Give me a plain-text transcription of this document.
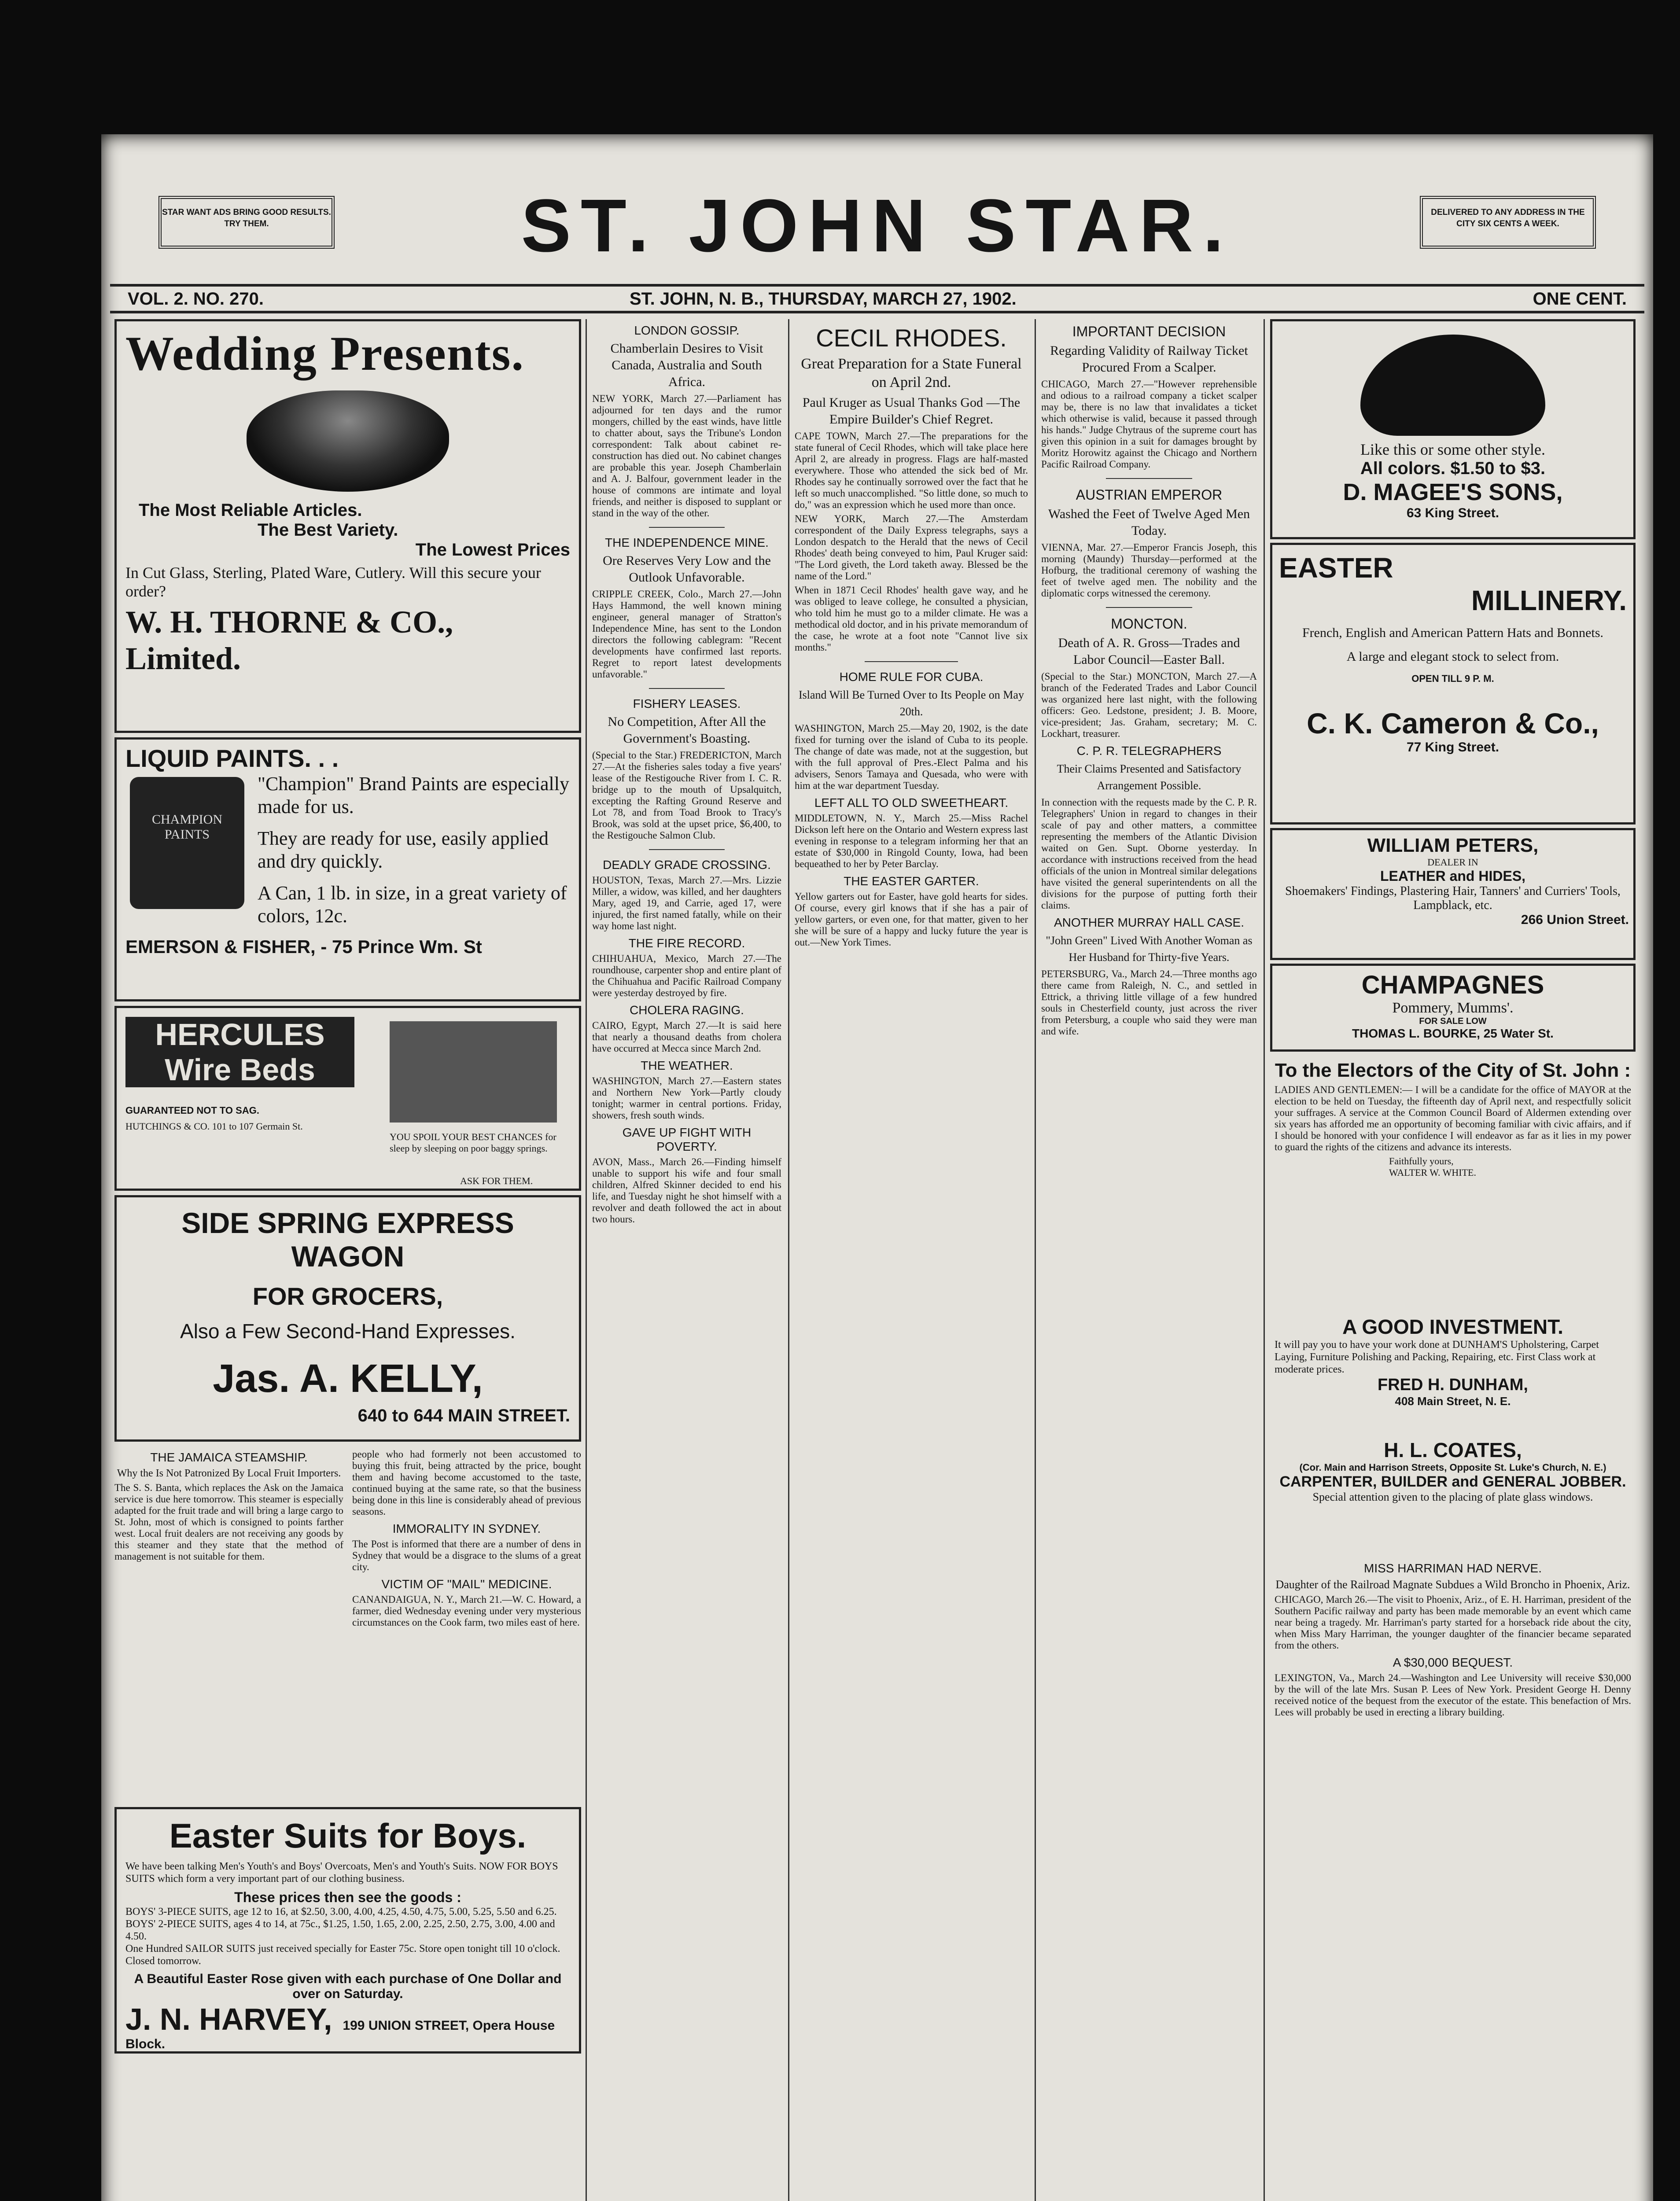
STAR WANT ADS BRING GOOD RESULTS. TRY THEM.	ST. JOHN STAR.	DELIVERED TO ANY ADDRESS IN THE CITY SIX CENTS A WEEK.
VOL. 2. NO. 270.	ST. JOHN, N. B., THURSDAY, MARCH 27, 1902.	ONE CENT.
Wedding Presents.
The Most Reliable Articles.
The Best Variety.
The Lowest Prices
In Cut Glass, Sterling, Plated Ware, Cutlery. Will this secure your order?
W. H. THORNE & CO., Limited.
LIQUID PAINTS. . .
CHAMPION PAINTS
"Champion" Brand Paints are especially made for us.
They are ready for use, easily applied and dry quickly.
A Can, 1 lb. in size, in a great variety of colors, 12c.
EMERSON & FISHER, - 75 Prince Wm. St
HERCULES Wire Beds
GUARANTEED NOT TO SAG.
HUTCHINGS & CO. 101 to 107 Germain St.
YOU SPOIL YOUR BEST CHANCES for sleep by sleeping on poor baggy springs.
ASK FOR THEM.
SIDE SPRING EXPRESS WAGON
FOR GROCERS,
Also a Few Second-Hand Expresses.
Jas. A. KELLY,
640 to 644 MAIN STREET.
THE JAMAICA STEAMSHIP.
Why the Is Not Patronized By Local Fruit Importers.
The S. S. Banta, which replaces the Ask on the Jamaica service is due here tomorrow. This steamer is especially adapted for the fruit trade and will bring a large cargo to St. John, most of which is consigned to points farther west. Local fruit dealers are not receiving any goods by this steamer and they state that the method of management is not suitable for them.
people who had formerly not been accustomed to buying this fruit, being attracted by the price, bought them and having become accustomed to the taste, continued buying at the same rate, so that the business being done in this line is considerably ahead of previous seasons.
IMMORALITY IN SYDNEY.
The Post is informed that there are a number of dens in Sydney that would be a disgrace to the slums of a great city.
VICTIM OF "MAIL" MEDICINE.
CANANDAIGUA, N. Y., March 21.—W. C. Howard, a farmer, died Wednesday evening under very mysterious circumstances on the Cook farm, two miles east of here.
Easter Suits for Boys.
We have been talking Men's Youth's and Boys' Overcoats, Men's and Youth's Suits. NOW FOR BOYS SUITS which form a very important part of our clothing business.
These prices then see the goods :
BOYS' 3-PIECE SUITS, age 12 to 16, at $2.50, 3.00, 4.00, 4.25, 4.50, 4.75, 5.00, 5.25, 5.50 and 6.25.
BOYS' 2-PIECE SUITS, ages 4 to 14, at 75c., $1.25, 1.50, 1.65, 2.00, 2.25, 2.50, 2.75, 3.00, 4.00 and 4.50.
One Hundred SAILOR SUITS just received specially for Easter 75c. Store open tonight till 10 o'clock. Closed tomorrow.
A Beautiful Easter Rose given with each purchase of One Dollar and over on Saturday.
J. N. HARVEY, 199 UNION STREET, Opera House Block.
LONDON GOSSIP.
Chamberlain Desires to Visit Canada, Australia and South Africa.
NEW YORK, March 27.—Parliament has adjourned for ten days and the rumor mongers, chilled by the east winds, have little to chatter about, says the Tribune's London correspondent: Talk about cabinet re-construction has died out. No cabinet changes are probable this year. Joseph Chamberlain and A. J. Balfour, government leader in the house of commons are intimate and loyal friends, and neither is disposed to supplant or stand in the way of the other.
THE INDEPENDENCE MINE.
Ore Reserves Very Low and the Outlook Unfavorable.
CRIPPLE CREEK, Colo., March 27.—John Hays Hammond, the well known mining engineer, general manager of Stratton's Independence Mine, has sent to the London directors the following cablegram: "Recent developments have confirmed last reports. Regret to report latest developments unfavorable."
FISHERY LEASES.
No Competition, After All the Government's Boasting.
(Special to the Star.) FREDERICTON, March 27.—At the fisheries sales today a five years' lease of the Restigouche River from I. C. R. bridge up to the mouth of Upsalquitch, excepting the Rafting Ground Reserve and Lot 78, and from Toad Brook to Tracy's Brook, was sold at the upset price, $6,400, to the Restigouche Salmon Club.
DEADLY GRADE CROSSING.
HOUSTON, Texas, March 27.—Mrs. Lizzie Miller, a widow, was killed, and her daughters Mary, aged 19, and Carrie, aged 17, were injured, the first named fatally, while on their way home last night.
THE FIRE RECORD.
CHIHUAHUA, Mexico, March 27.—The roundhouse, carpenter shop and entire plant of the Chihuahua and Pacific Railroad Company were yesterday destroyed by fire.
CHOLERA RAGING.
CAIRO, Egypt, March 27.—It is said here that nearly a thousand deaths from cholera have occurred at Mecca since March 2nd.
THE WEATHER.
WASHINGTON, March 27.—Eastern states and Northern New York—Partly cloudy tonight; warmer in central portions. Friday, showers, fresh south winds.
GAVE UP FIGHT WITH POVERTY.
AVON, Mass., March 26.—Finding himself unable to support his wife and four small children, Alfred Skinner decided to end his life, and Tuesday night he shot himself with a revolver and death followed the act in about two hours.
CECIL RHODES.
Great Preparation for a State Funeral on April 2nd.
Paul Kruger as Usual Thanks God —The Empire Builder's Chief Regret.
CAPE TOWN, March 27.—The preparations for the state funeral of Cecil Rhodes, which will take place here April 2, are already in progress. Flags are half-masted everywhere. Those who attended the sick bed of Mr. Rhodes say he continually sorrowed over the fact that he left so much unaccomplished. "So little done, so much to do," was an expression which he used more than once.
NEW YORK, March 27.—The Amsterdam correspondent of the Daily Express telegraphs, says a London despatch to the Herald that the news of Cecil Rhodes' death being conveyed to him, Paul Kruger said: "The Lord giveth, the Lord taketh away. Blessed be the name of the Lord."
When in 1871 Cecil Rhodes' health gave way, and he was obliged to leave college, he consulted a physician, who told him he must go to a milder climate. He was a methodical old doctor, and in his private memorandum of the case, he wrote at a foot note "Cannot live six months."
HOME RULE FOR CUBA.
Island Will Be Turned Over to Its People on May 20th.
WASHINGTON, March 25.—May 20, 1902, is the date fixed for turning over the island of Cuba to its people. The change of date was made, not at the suggestion, but with the full approval of Pres.-Elect Palma and his advisers, Senors Tamaya and Quesada, who were with him at the war department Tuesday.
LEFT ALL TO OLD SWEETHEART.
MIDDLETOWN, N. Y., March 25.—Miss Rachel Dickson left here on the Ontario and Western express last evening in response to a telegram informing her that an estate of $30,000 in Ringold County, Iowa, had been bequeathed to her by Peter Barclay.
THE EASTER GARTER.
Yellow garters out for Easter, have gold hearts for sides. Of course, every girl knows that if she has a pair of yellow garters, or even one, for that matter, given to her she will be sure of a happy and lucky future the year is out.—New York Times.
IMPORTANT DECISION
Regarding Validity of Railway Ticket Procured From a Scalper.
CHICAGO, March 27.—"However reprehensible and odious to a railroad company a ticket scalper may be, there is no law that invalidates a ticket which otherwise is valid, because it passed through his hands." Judge Chytraus of the supreme court has given this opinion in a suit for damages brought by Moritz Horowitz against the Chicago and Northern Pacific Railroad Company.
AUSTRIAN EMPEROR
Washed the Feet of Twelve Aged Men Today.
VIENNA, Mar. 27.—Emperor Francis Joseph, this morning (Maundy) Thursday—performed at the Hofburg, the traditional ceremony of washing the feet of twelve aged men. The nobility and the diplomatic corps witnessed the ceremony.
MONCTON.
Death of A. R. Gross—Trades and Labor Council—Easter Ball.
(Special to the Star.) MONCTON, March 27.—A branch of the Federated Trades and Labor Council was organized here last night, with the following officers: Geo. Ledstone, president; J. B. Moore, vice-president; Jas. Graham, secretary; M. C. Lockhart, treasurer.
C. P. R. TELEGRAPHERS
Their Claims Presented and Satisfactory Arrangement Possible.
In connection with the requests made by the C. P. R. Telegraphers' Union in regard to changes in their scale of pay and other matters, a committee representing the members of the Atlantic Division waited on Gen. Supt. Oborne yesterday. In accordance with instructions received from the head officials of the union in Montreal similar delegations have visited the general superintendents on all the divisions for the purpose of putting forth their claims.
ANOTHER MURRAY HALL CASE.
"John Green" Lived With Another Woman as Her Husband for Thirty-five Years.
PETERSBURG, Va., March 24.—Three months ago there came from Raleigh, N. C., and settled in Ettrick, a thriving little village of a few hundred souls in Chesterfield county, just across the river from Petersburg, a couple who said they were man and wife.
Like this or some other style.
All colors. $1.50 to $3.
D. MAGEE'S SONS,
63 King Street.
EASTER
MILLINERY.
French, English and American Pattern Hats and Bonnets.
A large and elegant stock to select from.
OPEN TILL 9 P. M.
C. K. Cameron & Co.,
77 King Street.
WILLIAM PETERS,
DEALER IN
LEATHER and HIDES,
Shoemakers' Findings, Plastering Hair, Tanners' and Curriers' Tools, Lampblack, etc.
266 Union Street.
CHAMPAGNES
Pommery, Mumms'.
FOR SALE LOW
THOMAS L. BOURKE, 25 Water St.
To the Electors of the City of St. John :
LADIES AND GENTLEMEN:— I will be a candidate for the office of MAYOR at the election to be held on Tuesday, the fifteenth day of April next, and respectfully solicit your suffrages. A service at the Common Council Board of Aldermen extending over six years has afforded me an opportunity of becoming familiar with civic affairs, and if I should be honored with your confidence I will endeavor as far as it lies in my power to guard the rights of the citizens and advance its interests.
Faithfully yours,
WALTER W. WHITE.
A GOOD INVESTMENT.
It will pay you to have your work done at DUNHAM'S Upholstering, Carpet Laying, Furniture Polishing and Packing, Repairing, etc. First Class work at moderate prices.
FRED H. DUNHAM,
408 Main Street, N. E.
H. L. COATES,
(Cor. Main and Harrison Streets, Opposite St. Luke's Church, N. E.)
CARPENTER, BUILDER and GENERAL JOBBER.
Special attention given to the placing of plate glass windows.
MISS HARRIMAN HAD NERVE.
Daughter of the Railroad Magnate Subdues a Wild Broncho in Phoenix, Ariz.
CHICAGO, March 26.—The visit to Phoenix, Ariz., of E. H. Harriman, president of the Southern Pacific railway and party has been made memorable by an event which came near being a tragedy. Mr. Harriman's party started for a horseback ride about the city, when Miss Mary Harriman, the younger daughter of the financier became separated from the others.
A $30,000 BEQUEST.
LEXINGTON, Va., March 24.—Washington and Lee University will receive $30,000 by the will of the late Mrs. Susan P. Lees of New York. President George H. Denny received notice of the bequest from the executor of the estate. This benefaction of Mrs. Lees will probably be used in erecting a library building.
